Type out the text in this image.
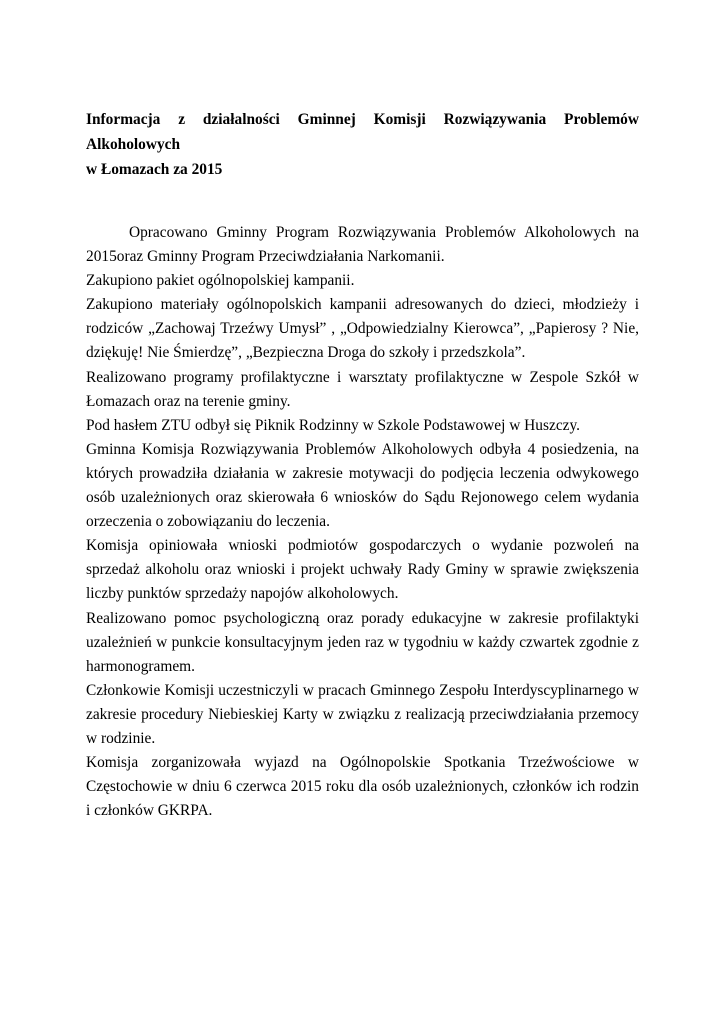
Informacja z działalności Gminnej Komisji Rozwiązywania Problemów Alkoholowych
w Łomazach za 2015

Opracowano Gminny Program Rozwiązywania Problemów Alkoholowych na 2015oraz Gminny Program Przeciwdziałania Narkomanii.

Zakupiono pakiet ogólnopolskiej kampanii.

Zakupiono materiały ogólnopolskich kampanii adresowanych do dzieci, młodzieży i rodziców „Zachowaj Trzeźwy Umysł” , „Odpowiedzialny Kierowca”, „Papierosy ? Nie, dziękuję! Nie Śmierdzę”, „Bezpieczna Droga do szkoły i przedszkola”.

Realizowano programy profilaktyczne i warsztaty profilaktyczne w Zespole Szkół w Łomazach oraz na terenie gminy.

Pod hasłem ZTU odbył się Piknik Rodzinny w Szkole Podstawowej w Huszczy.

Gminna Komisja Rozwiązywania Problemów Alkoholowych odbyła 4 posiedzenia, na których prowadziła działania w zakresie motywacji do podjęcia leczenia odwykowego osób uzależnionych oraz skierowała 6 wniosków do Sądu Rejonowego celem wydania orzeczenia o zobowiązaniu do leczenia.

Komisja opiniowała wnioski podmiotów gospodarczych o wydanie pozwoleń na sprzedaż alkoholu oraz wnioski i projekt uchwały Rady Gminy w sprawie zwiększenia liczby punktów sprzedaży napojów alkoholowych.

Realizowano pomoc psychologiczną oraz porady edukacyjne w zakresie profilaktyki uzależnień w punkcie konsultacyjnym jeden raz w tygodniu w każdy czwartek zgodnie z harmonogramem.

Członkowie Komisji uczestniczyli w pracach Gminnego Zespołu Interdyscyplinarnego w zakresie procedury Niebieskiej Karty w związku z realizacją przeciwdziałania przemocy w rodzinie.

Komisja zorganizowała wyjazd na Ogólnopolskie Spotkania Trzeźwościowe w Częstochowie w dniu 6 czerwca 2015 roku dla osób uzależnionych, członków ich rodzin i członków GKRPA.
